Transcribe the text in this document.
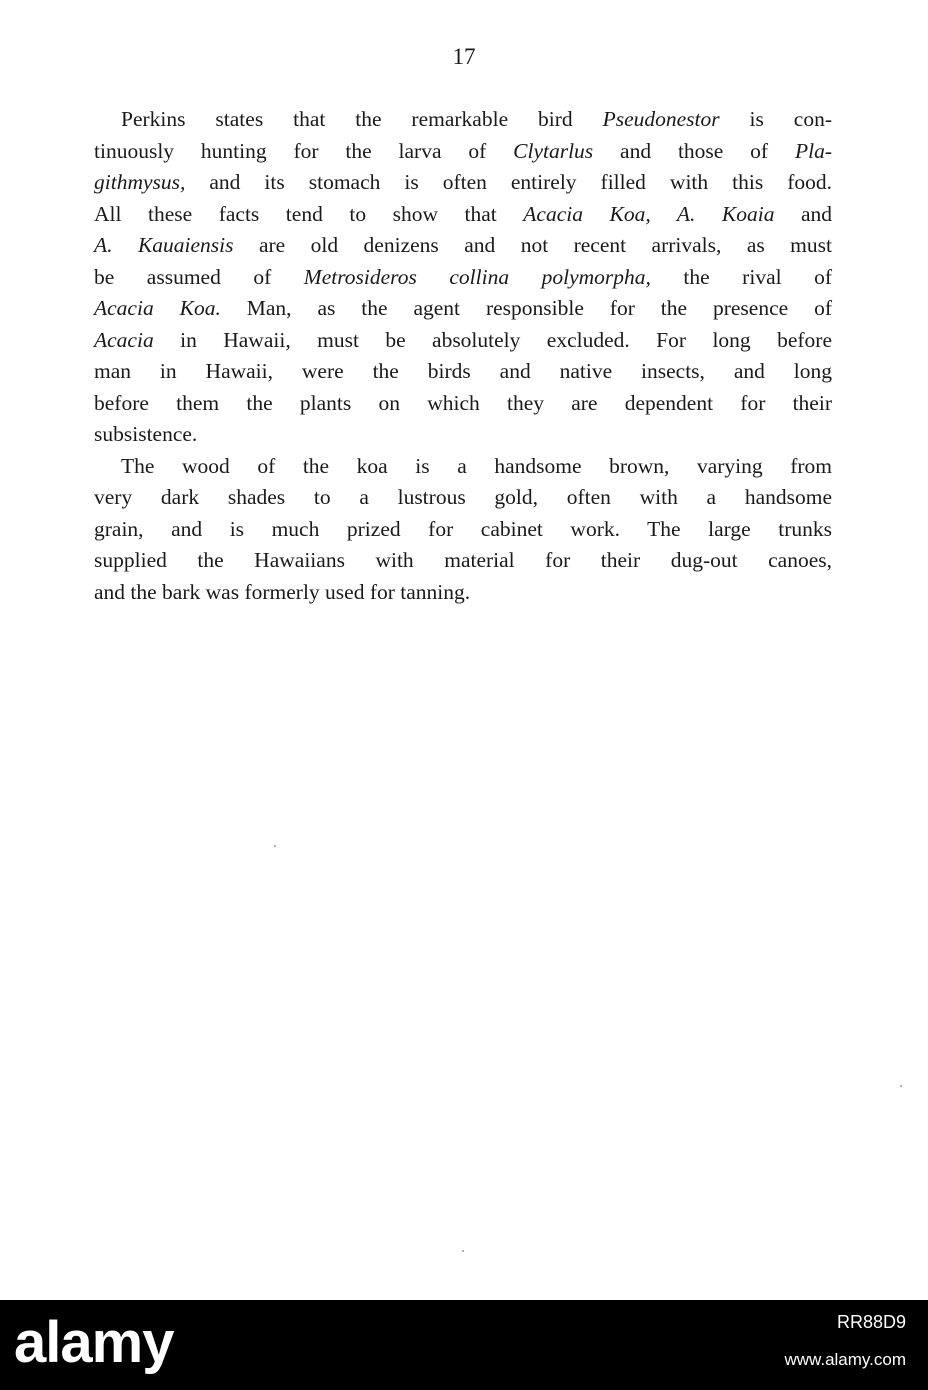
17
Perkins states that the remarkable bird Pseudonestor is con-
tinuously hunting for the larva of Clytarlus and those of Pla-
githmysus, and its stomach is often entirely filled with this food.
All these facts tend to show that Acacia Koa, A. Koaia and
A. Kauaiensis are old denizens and not recent arrivals, as must
be assumed of Metrosideros collina polymorpha, the rival of
Acacia Koa. Man, as the agent responsible for the presence of
Acacia in Hawaii, must be absolutely excluded. For long before
man in Hawaii, were the birds and native insects, and long
before them the plants on which they are dependent for their
subsistence.
The wood of the koa is a handsome brown, varying from
very dark shades to a lustrous gold, often with a handsome
grain, and is much prized for cabinet work. The large trunks
supplied the Hawaiians with material for their dug-out canoes,
and the bark was formerly used for tanning.
alamy	RR88D9
www.alamy.com
